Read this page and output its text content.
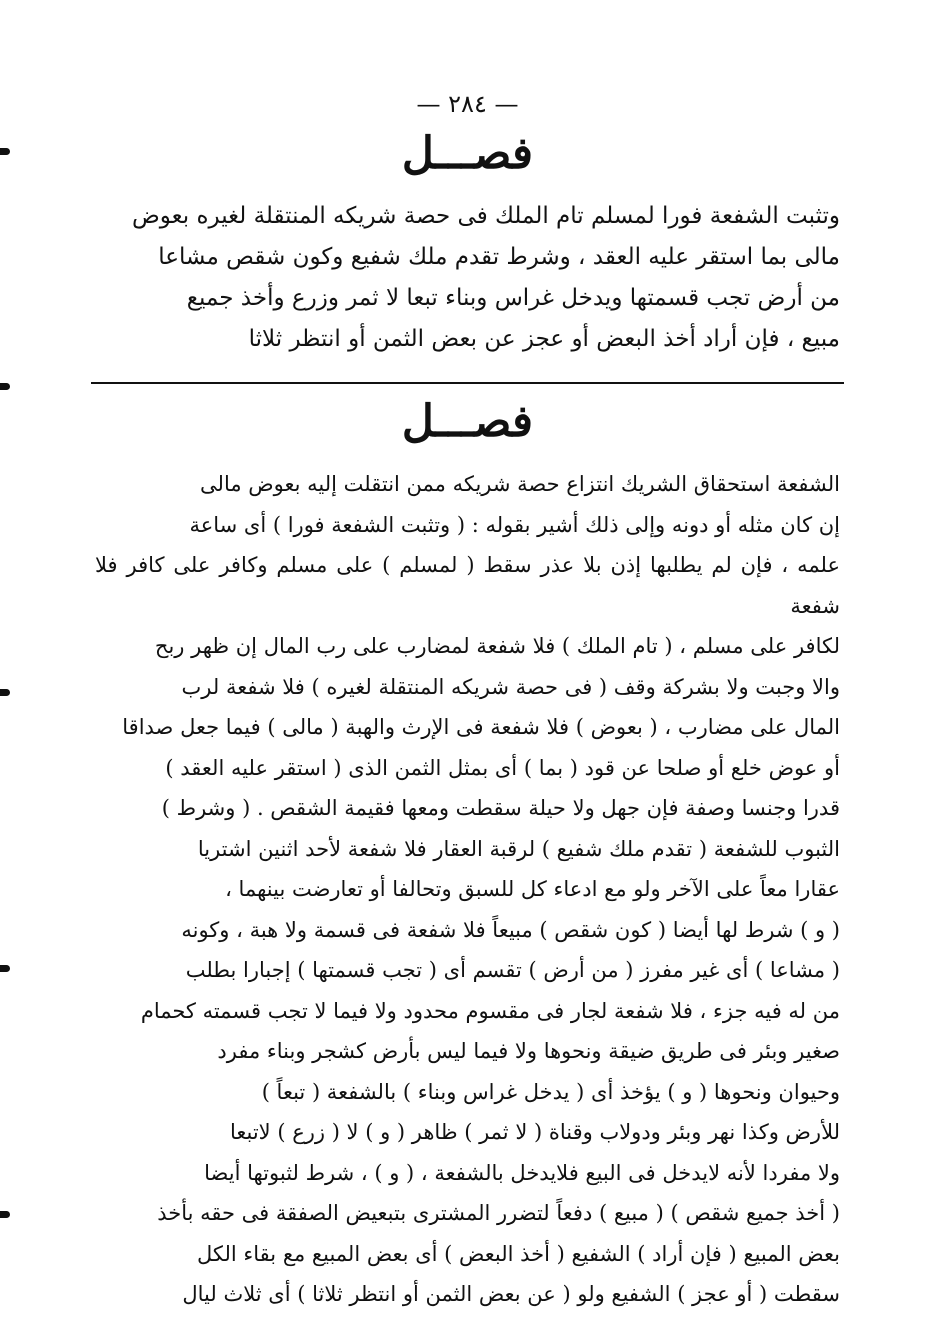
— ٢٨٤ —
فصـــل

وتثبت الشفعة فورا لمسلم تام الملك فى حصة شريكه المنتقلة لغيره بعوض

مالى بما استقر عليه العقد ، وشرط تقدم ملك شفيع وكون شقص مشاعا

من أرض تجب قسمتها ويدخل غراس وبناء تبعا لا ثمر وزرع وأخذ جميع

مبيع ، فإن أراد أخذ البعض أو عجز عن بعض الثمن أو انتظر ثلاثا

فصـــل

الشفعة استحقاق الشريك انتزاع حصة شريكه ممن انتقلت إليه بعوض مالى

إن كان مثله أو دونه وإلى ذلك أشير بقوله : ( وتثبت الشفعة فورا ) أى ساعة

علمه ، فإن لم يطلبها إذن بلا عذر سقط ( لمسلم ) على مسلم وكافر على كافر فلا شفعة

لكافر على مسلم ، ( تام الملك ) فلا شفعة لمضارب على رب المال إن ظهر ربح

والا وجبت ولا بشركة وقف ( فى حصة شريكه المنتقلة لغيره ) فلا شفعة لرب

المال على مضارب ، ( بعوض ) فلا شفعة فى الإرث والهبة ( مالى ) فيما جعل صداقا

أو عوض خلع أو صلحا عن قود ( بما ) أى بمثل الثمن الذى ( استقر عليه العقد )

قدرا وجنسا وصفة فإن جهل ولا حيلة سقطت ومعها فقيمة الشقص . ( وشرط )

الثبوب للشفعة ( تقدم ملك شفيع ) لرقبة العقار فلا شفعة لأحد اثنين اشتريا

عقارا معاً على الآخر ولو مع ادعاء كل للسبق وتحالفا أو تعارضت بينهما ،

( و ) شرط لها أيضا ( كون شقص ) مبيعاً فلا شفعة فى قسمة ولا هبة ، وكونه

( مشاعا ) أى غير مفرز ( من أرض ) تقسم أى ( تجب قسمتها ) إجبارا بطلب

من له فيه جزء ، فلا شفعة لجار فى مقسوم محدود ولا فيما لا تجب قسمته كحمام

صغير وبئر فى طريق ضيقة ونحوها ولا فيما ليس بأرض كشجر وبناء مفرد

وحيوان ونحوها ( و ) يؤخذ أى ( يدخل غراس وبناء ) بالشفعة ( تبعاً )

للأرض وكذا نهر وبئر ودولاب وقناة ( لا ثمر ) ظاهر ( و ) لا ( زرع ) لاتبعا

ولا مفردا لأنه لايدخل فى البيع فلايدخل بالشفعة ، ( و ) ، شرط لثبوتها أيضا

( أخذ جميع شقص ) ( مبيع ) دفعاً لتضرر المشترى بتبعيض الصفقة فى حقه بأخذ

بعض المبيع ( فإن أراد ) الشفيع ( أخذ البعض ) أى بعض المبيع مع بقاء الكل

سقطت ( أو عجز ) الشفيع ولو ( عن بعض الثمن أو انتظر ثلاثا ) أى ثلاث ليال
